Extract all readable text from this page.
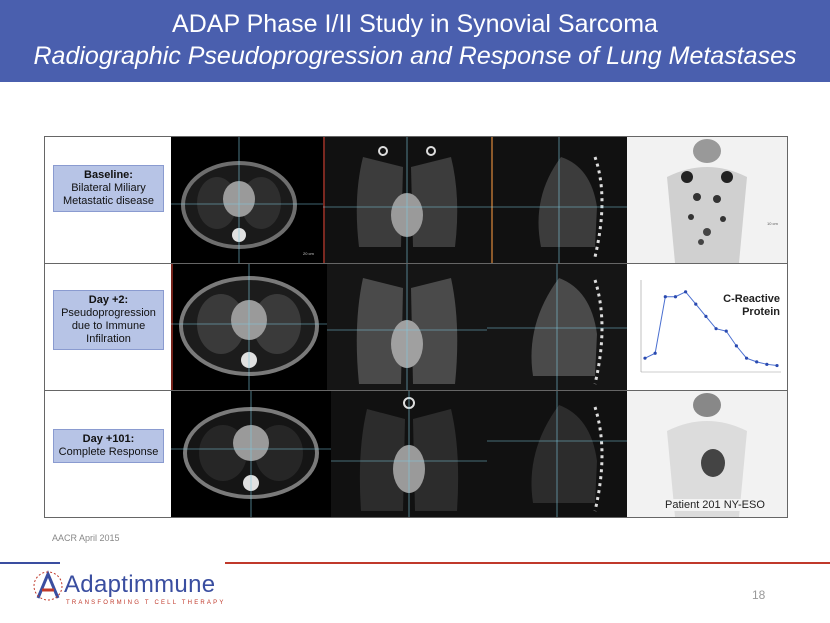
ADAP Phase I/II Study in Synovial Sarcoma
Radiographic Pseudoprogression and Response of Lung Metastases
Baseline:
Bilateral Miliary Metastatic disease
20 cm
10 cm
Day +2:
Pseudoprogression due to Immune Infilration
Day +101:
Complete Response
C-Reactive Protein
Patient 201 NY-ESO
AACR April 2015
Adaptimmune
TRANSFORMING T CELL THERAPY
18
